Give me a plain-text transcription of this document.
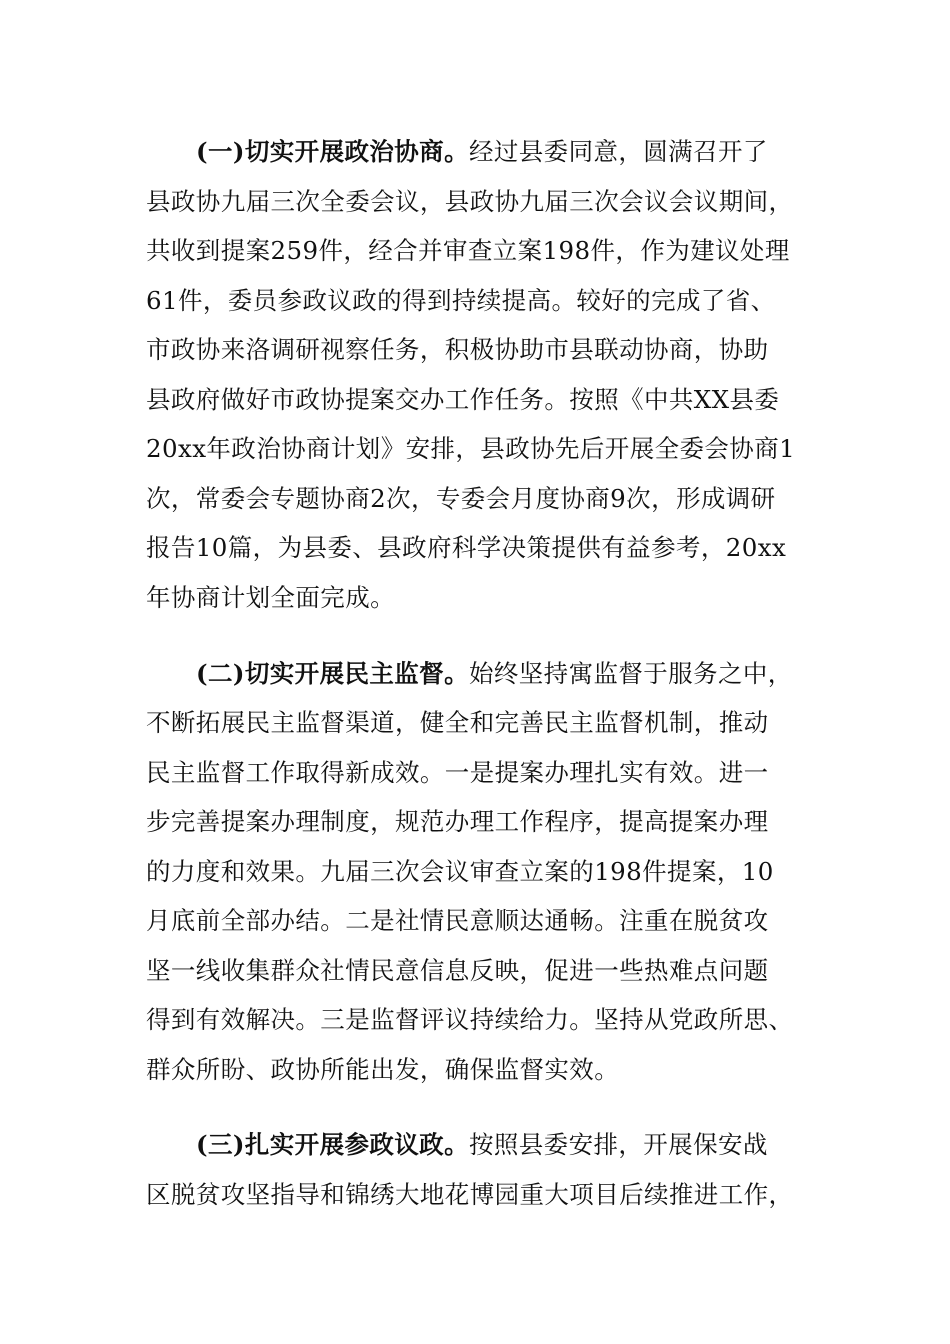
(一)切实开展政治协商。经过县委同意，圆满召开了
县政协九届三次全委会议，县政协九届三次会议会议期间，
共收到提案259件，经合并审查立案198件，作为建议处理
61件，委员参政议政的得到持续提高。较好的完成了省、
市政协来洛调研视察任务，积极协助市县联动协商，协助
县政府做好市政协提案交办工作任务。按照《中共XX县委
20xx年政治协商计划》安排，县政协先后开展全委会协商1
次，常委会专题协商2次，专委会月度协商9次，形成调研
报告10篇，为县委、县政府科学决策提供有益参考，20xx
年协商计划全面完成。
(二)切实开展民主监督。始终坚持寓监督于服务之中，
不断拓展民主监督渠道，健全和完善民主监督机制，推动
民主监督工作取得新成效。一是提案办理扎实有效。进一
步完善提案办理制度，规范办理工作程序，提高提案办理
的力度和效果。九届三次会议审查立案的198件提案，10
月底前全部办结。二是社情民意顺达通畅。注重在脱贫攻
坚一线收集群众社情民意信息反映，促进一些热难点问题
得到有效解决。三是监督评议持续给力。坚持从党政所思、
群众所盼、政协所能出发，确保监督实效。
(三)扎实开展参政议政。按照县委安排，开展保安战
区脱贫攻坚指导和锦绣大地花博园重大项目后续推进工作，
